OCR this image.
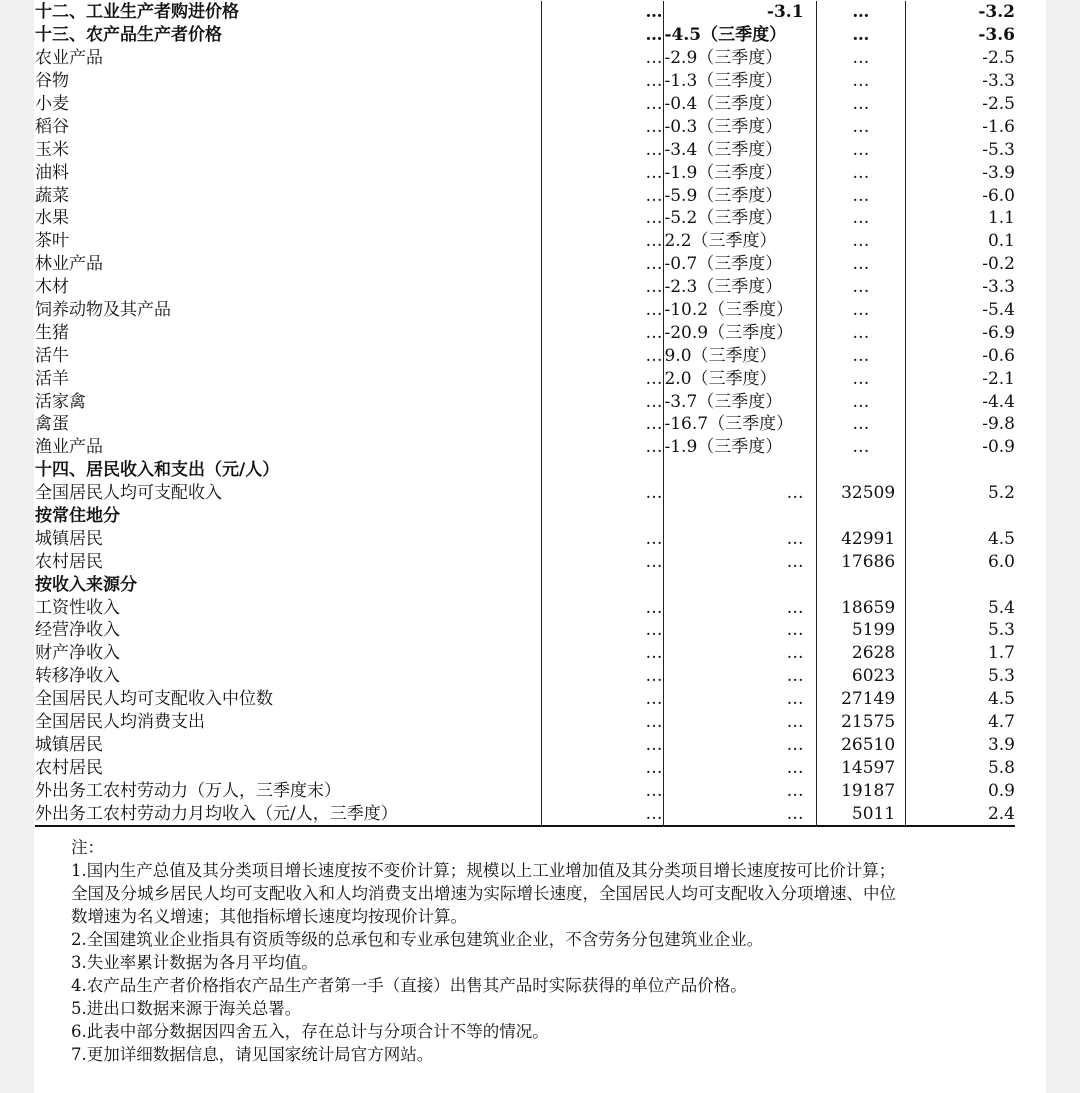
十二、工业生产者购进价格	…	-3.1	…	-3.2
十三、农产品生产者价格	…	-4.5（三季度）	…	-3.6
农业产品	…	-2.9（三季度）	…	-2.5
谷物	…	-1.3（三季度）	…	-3.3
小麦	…	-0.4（三季度）	…	-2.5
稻谷	…	-0.3（三季度）	…	-1.6
玉米	…	-3.4（三季度）	…	-5.3
油料	…	-1.9（三季度）	…	-3.9
蔬菜	…	-5.9（三季度）	…	-6.0
水果	…	-5.2（三季度）	…	1.1
茶叶	…	2.2（三季度）	…	0.1
林业产品	…	-0.7（三季度）	…	-0.2
木材	…	-2.3（三季度）	…	-3.3
饲养动物及其产品	…	-10.2（三季度）	…	-5.4
生猪	…	-20.9（三季度）	…	-6.9
活牛	…	9.0（三季度）	…	-0.6
活羊	…	2.0（三季度）	…	-2.1
活家禽	…	-3.7（三季度）	…	-4.4
禽蛋	…	-16.7（三季度）	…	-9.8
渔业产品	…	-1.9（三季度）	…	-0.9
十四、居民收入和支出（元/人）				
全国居民人均可支配收入	…	…	32509	5.2
按常住地分				
城镇居民	…	…	42991	4.5
农村居民	…	…	17686	6.0
按收入来源分				
工资性收入	…	…	18659	5.4
经营净收入	…	…	5199	5.3
财产净收入	…	…	2628	1.7
转移净收入	…	…	6023	5.3
全国居民人均可支配收入中位数	…	…	27149	4.5
全国居民人均消费支出	…	…	21575	4.7
城镇居民	…	…	26510	3.9
农村居民	…	…	14597	5.8
外出务工农村劳动力（万人，三季度末）	…	…	19187	0.9
外出务工农村劳动力月均收入（元/人，三季度）	…	…	5011	2.4
注：
1.国内生产总值及其分类项目增长速度按不变价计算；规模以上工业增加值及其分类项目增长速度按可比价计算；
全国及分城乡居民人均可支配收入和人均消费支出增速为实际增长速度，全国居民人均可支配收入分项增速、中位
数增速为名义增速；其他指标增长速度均按现价计算。
2.全国建筑业企业指具有资质等级的总承包和专业承包建筑业企业，不含劳务分包建筑业企业。
3.失业率累计数据为各月平均值。
4.农产品生产者价格指农产品生产者第一手（直接）出售其产品时实际获得的单位产品价格。
5.进出口数据来源于海关总署。
6.此表中部分数据因四舍五入，存在总计与分项合计不等的情况。
7.更加详细数据信息，请见国家统计局官方网站。
